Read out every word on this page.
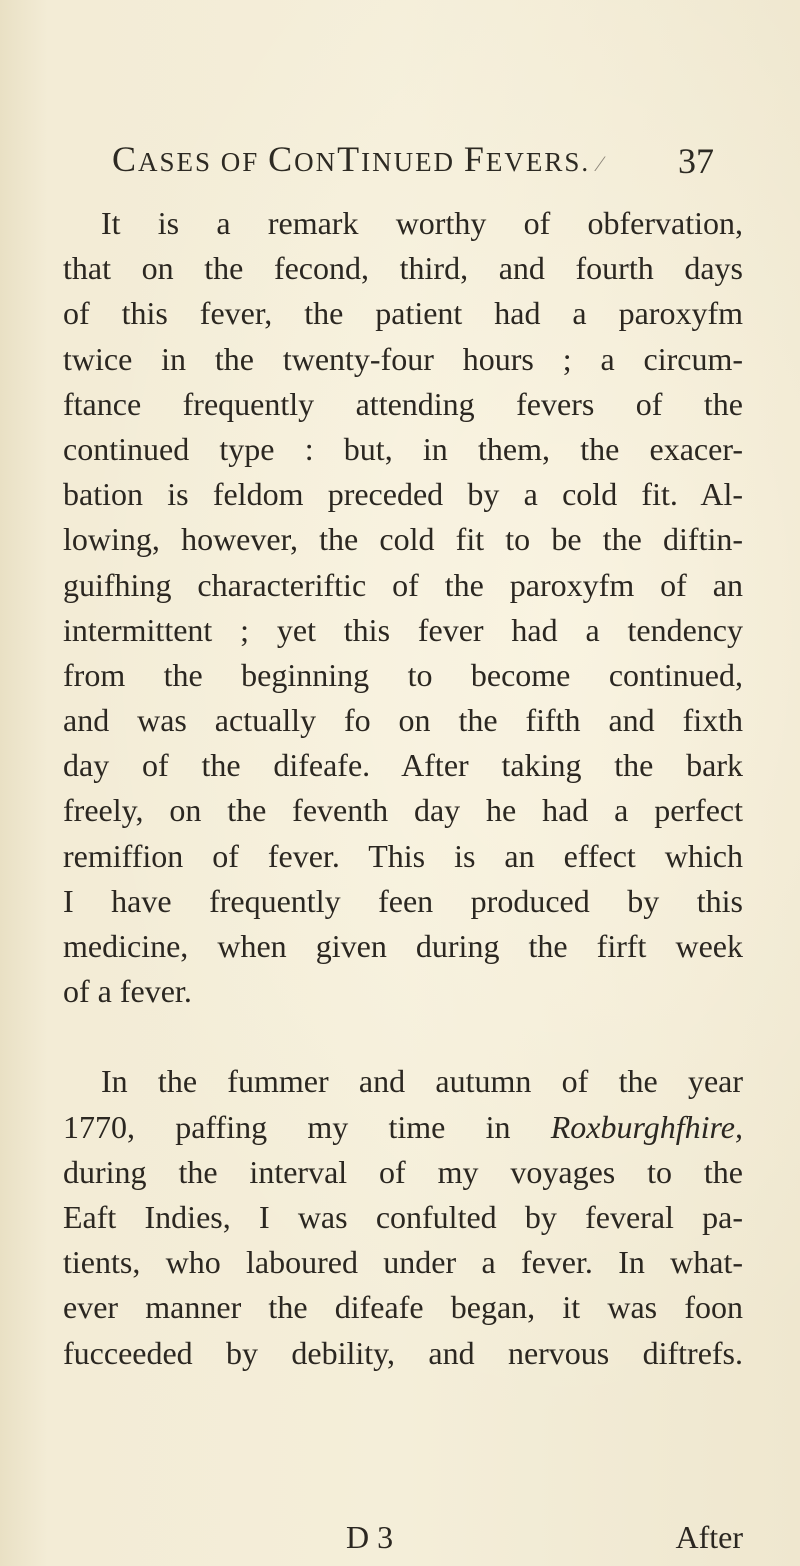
CASES OF CONTINUED FEVERS. ⁄	37
It is a remark worthy of obfervation,
that on the fecond, third, and fourth days
of this fever, the patient had a paroxyfm
twice in the twenty-four hours ; a circum-
ftance frequently attending fevers of the
continued type : but, in them, the exacer-
bation is feldom preceded by a cold fit. Al-
lowing, however, the cold fit to be the diftin-
guifhing characteriftic of the paroxyfm of an
intermittent ; yet this fever had a tendency
from the beginning to become continued,
and was actually fo on the fifth and fixth
day of the difeafe. After taking the bark
freely, on the feventh day he had a perfect
remiffion of fever. This is an effect which
I have frequently feen produced by this
medicine, when given during the firft week
of a fever.
In the fummer and autumn of the year
1770, paffing my time in Roxburghfhire,
during the interval of my voyages to the
Eaft Indies, I was confulted by feveral pa-
tients, who laboured under a fever. In what-
ever manner the difeafe began, it was foon
fucceeded by debility, and nervous diftrefs.
D 3	After
